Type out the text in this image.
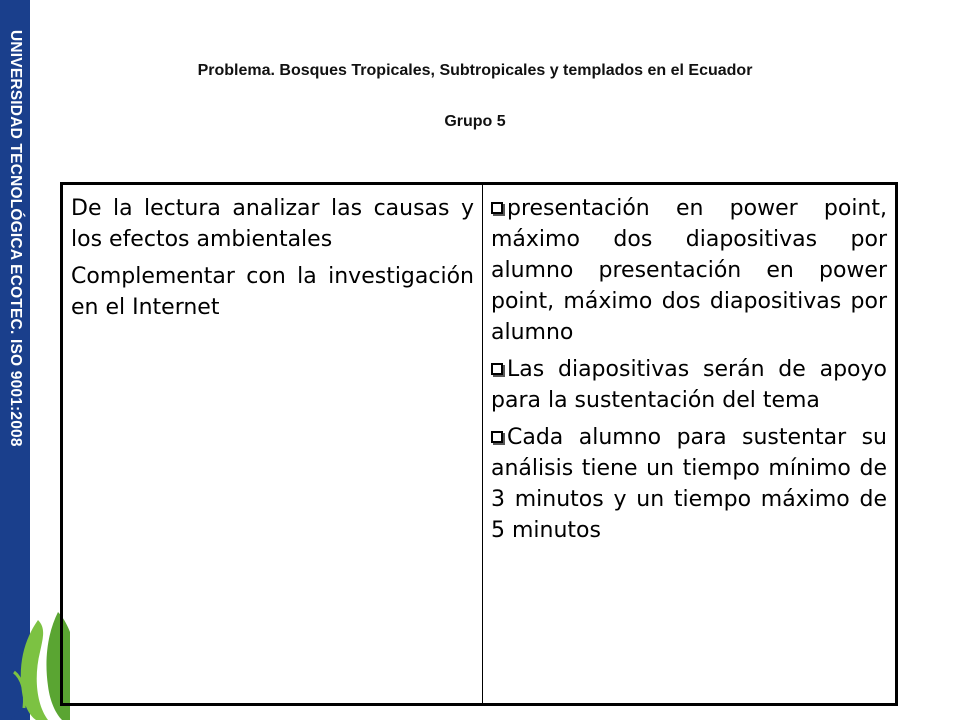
UNIVERSIDAD TECNOLÓGICA ECOTEC. ISO 9001:2008	Problema. Bosques Tropicales, Subtropicales y templados en el Ecuador
Grupo 5

De la lectura analizar las causas y los efectos ambientales

Complementar con la investigación en el Internet

presentación en power point, máximo dos diapositivas por alumno presentación en power point, máximo dos diapositivas por alumno

Las diapositivas serán de apoyo para la sustentación del tema

Cada alumno para sustentar su análisis tiene un tiempo mínimo de 3 minutos y un tiempo máximo de 5 minutos
